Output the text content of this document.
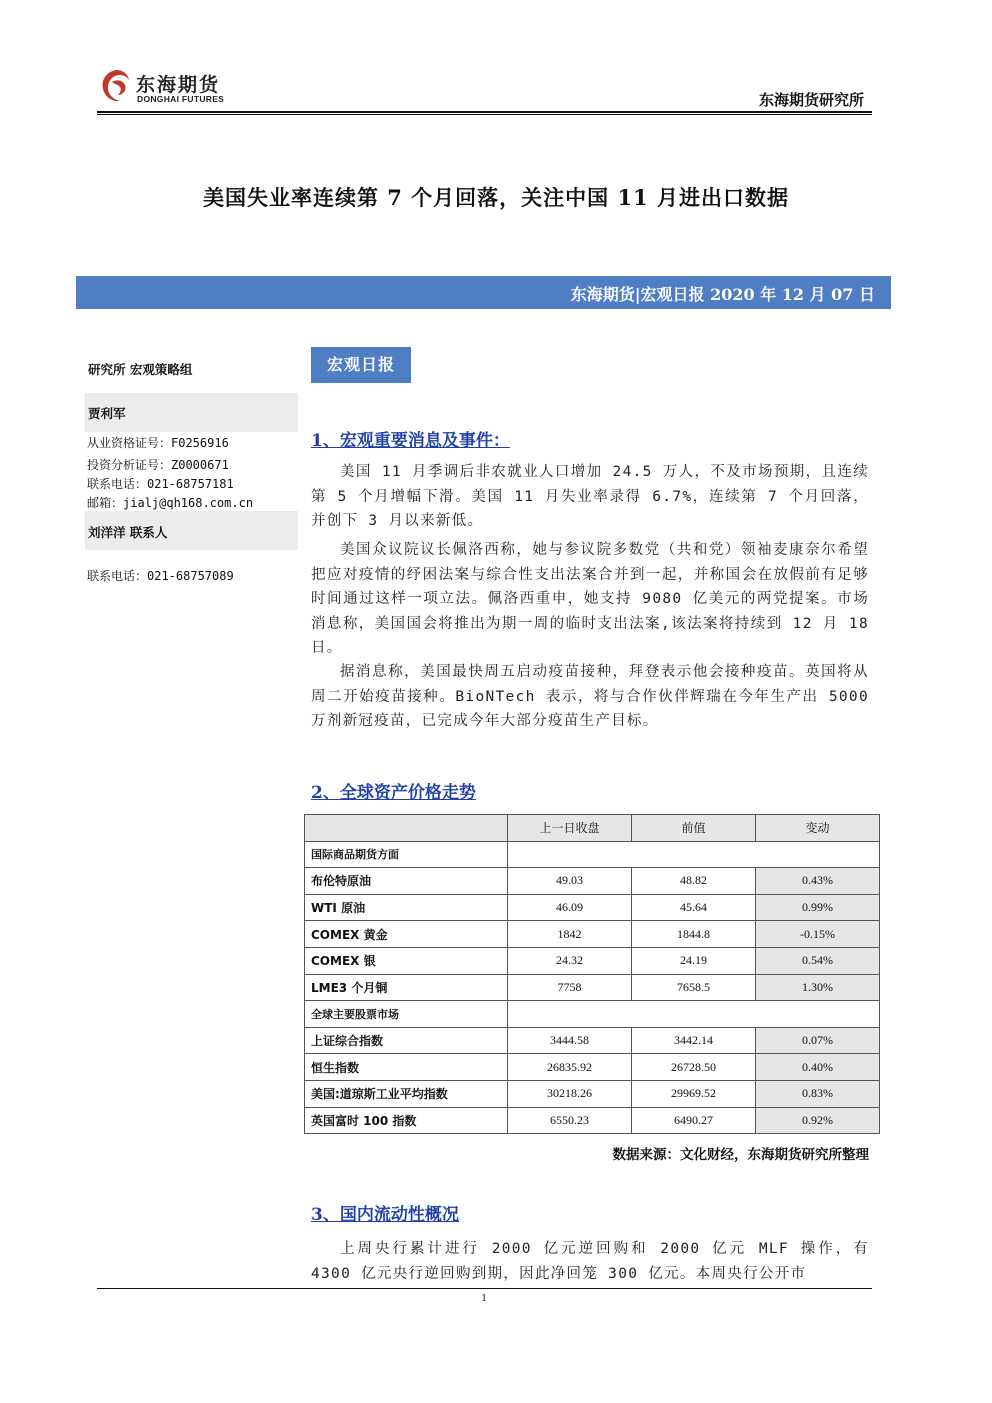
东海期货
DONGHAI FUTURES	东海期货研究所
美国失业率连续第 7 个月回落，关注中国 11 月进出口数据
东海期货|宏观日报 2020 年 12 月 07 日
研究所 宏观策略组
贾利军
从业资格证号：F0256916
投资分析证号：Z0000671
联系电话：021-68757181
邮箱：jialj@qh168.com.cn
刘洋洋 联系人
联系电话：021-68757089
宏观日报
1、宏观重要消息及事件：
美国 11 月季调后非农就业人口增加 24.5 万人，不及市场预期，且连续第 5 个月增幅下滑。美国 11 月失业率录得 6.7%，连续第 7 个月回落，并创下 3 月以来新低。
美国众议院议长佩洛西称，她与参议院多数党（共和党）领袖麦康奈尔希望把应对疫情的纾困法案与综合性支出法案合并到一起，并称国会在放假前有足够时间通过这样一项立法。佩洛西重申，她支持 9080 亿美元的两党提案。市场消息称，美国国会将推出为期一周的临时支出法案,该法案将持续到 12 月 18 日。
据消息称，美国最快周五启动疫苗接种，拜登表示他会接种疫苗。英国将从周二开始疫苗接种。BioNTech 表示，将与合作伙伴辉瑞在今年生产出 5000 万剂新冠疫苗，已完成今年大部分疫苗生产目标。
2、全球资产价格走势
	上一日收盘	前值	变动
国际商品期货方面			
布伦特原油	49.03	48.82	0.43%
WTI 原油	46.09	45.64	0.99%
COMEX 黄金	1842	1844.8	-0.15%
COMEX 银	24.32	24.19	0.54%
LME3 个月铜	7758	7658.5	1.30%
全球主要股票市场			
上证综合指数	3444.58	3442.14	0.07%
恒生指数	26835.92	26728.50	0.40%
美国:道琼斯工业平均指数	30218.26	29969.52	0.83%
英国富时 100 指数	6550.23	6490.27	0.92%
数据来源：文化财经，东海期货研究所整理
3、国内流动性概况
上周央行累计进行 2000 亿元逆回购和 2000 亿元 MLF 操作，有 4300 亿元央行逆回购到期，因此净回笼 300 亿元。本周央行公开市
1
